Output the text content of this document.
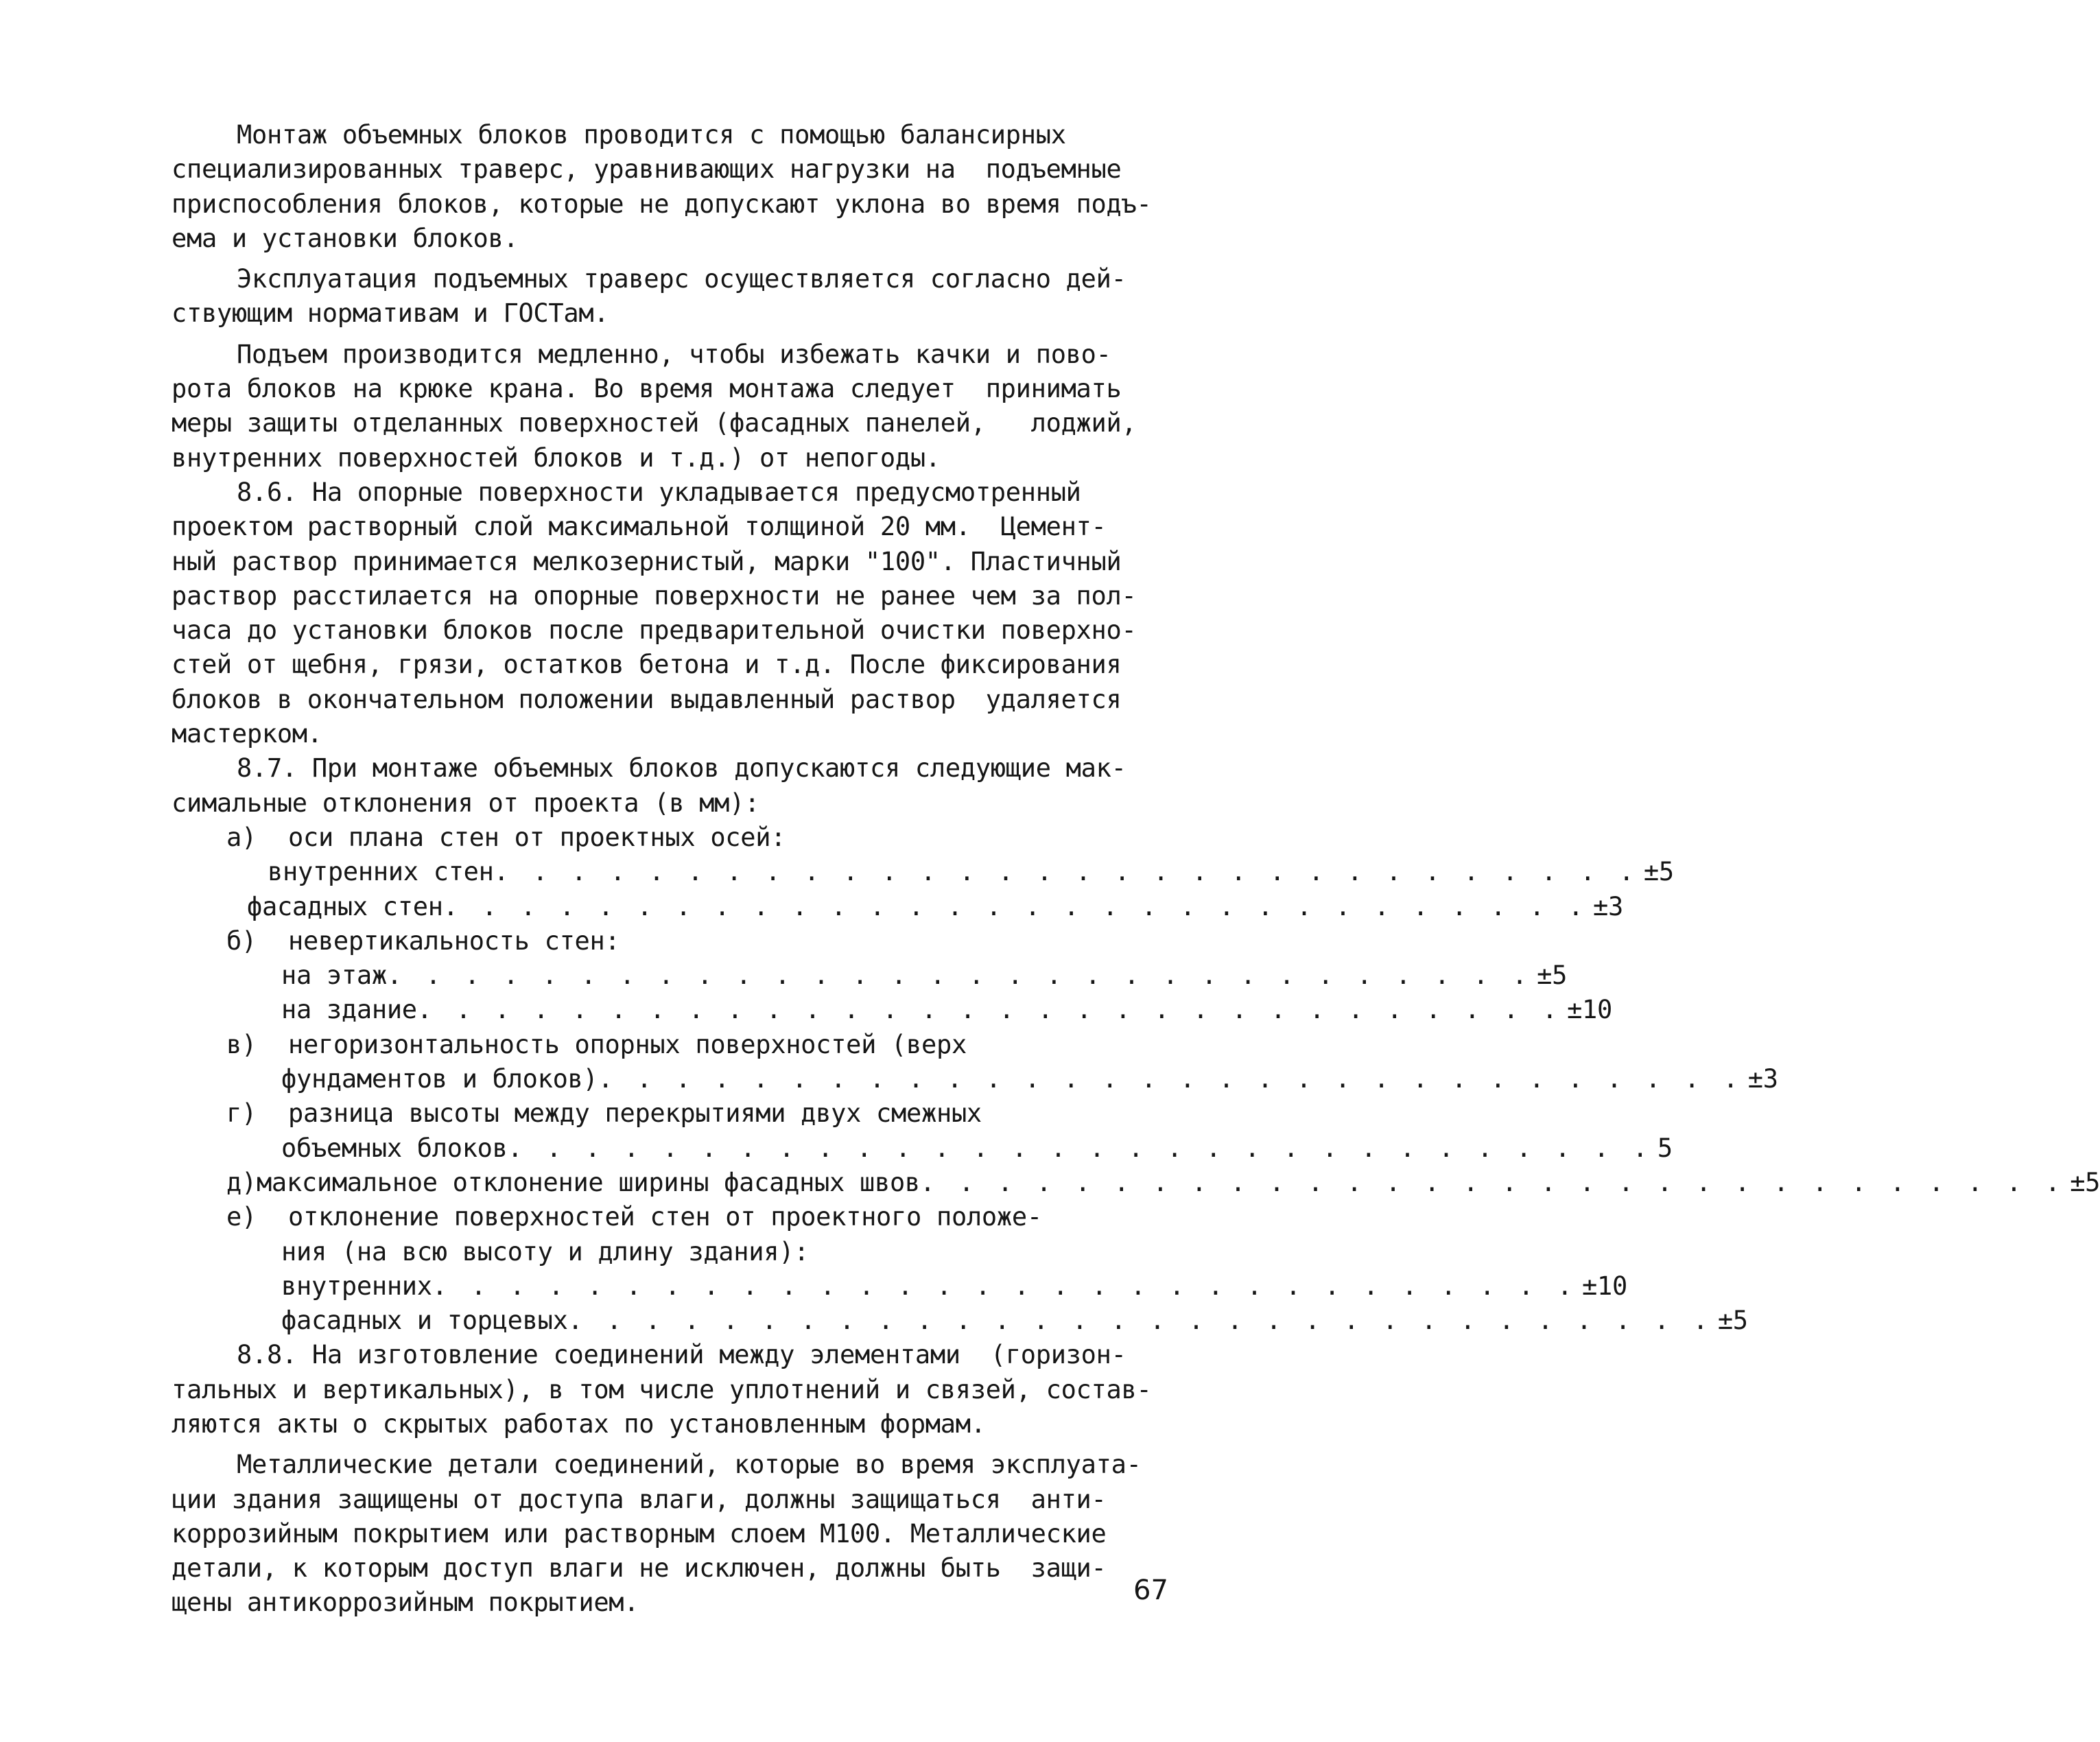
Монтаж объемных блоков проводится с помощью балансирных
специализированных траверс, уравнивающих нагрузки на  подъемные
приспособления блоков, которые не допускают уклона во время подъ-
ема и установки блоков.
Эксплуатация подъемных траверс осуществляется согласно дей-
ствующим нормативам и ГОСТам.
Подъем производится медленно, чтобы избежать качки и пово-
рота блоков на крюке крана. Во время монтажа следует  принимать
меры защиты отделанных поверхностей (фасадных панелей,   лоджий,
внутренних поверхностей блоков и т.д.) от непогоды.
8.6. На опорные поверхности укладывается предусмотренный
проектом растворный слой максимальной толщиной 20 мм.  Цемент-
ный раствор принимается мелкозернистый, марки "100". Пластичный
раствор расстилается на опорные поверхности не ранее чем за пол-
часа до установки блоков после предварительной очистки поверхно-
стей от щебня, грязи, остатков бетона и т.д. После фиксирования
блоков в окончательном положении выдавленный раствор  удаляется
мастерком.
8.7. При монтаже объемных блоков допускаются следующие мак-
симальные отклонения от проекта (в мм):
а)	оси плана стен от проектных осей:
внутренних стен . . . . . . . . . . . . . . . . . . . . . . . . . . . . . . ±5
фасадных стен . . . . . . . . . . . . . . . . . . . . . . . . . . . . . . ±3
б)	невертикальность стен:
на этаж . . . . . . . . . . . . . . . . . . . . . . . . . . . . . . ±5
на здание . . . . . . . . . . . . . . . . . . . . . . . . . . . . . . ±10
в)	негоризонтальность опорных поверхностей (верх
фундаментов и блоков) . . . . . . . . . . . . . . . . . . . . . . . . . . . . . . ±3
г)	разница высоты между перекрытиями двух смежных
объемных блоков . . . . . . . . . . . . . . . . . . . . . . . . . . . . . . 5
д) максимальное отклонение ширины фасадных швов . . . . . . . . . . . . . . . . . . . . . . . . . . . . . . ±5
е)	отклонение поверхностей стен от проектного положе-
ния (на всю высоту и длину здания):
внутренних . . . . . . . . . . . . . . . . . . . . . . . . . . . . . . ±10
фасадных и торцевых . . . . . . . . . . . . . . . . . . . . . . . . . . . . . . ±5
8.8. На изготовление соединений между элементами  (горизон-
тальных и вертикальных), в том числе уплотнений и связей, состав-
ляются акты о скрытых работах по установленным формам.
Металлические детали соединений, которые во время эксплуата-
ции здания защищены от доступа влаги, должны защищаться  анти-
коррозийным покрытием или растворным слоем М100. Металлические
детали, к которым доступ влаги не исключен, должны быть  защи-
щены антикоррозийным покрытием.	67
